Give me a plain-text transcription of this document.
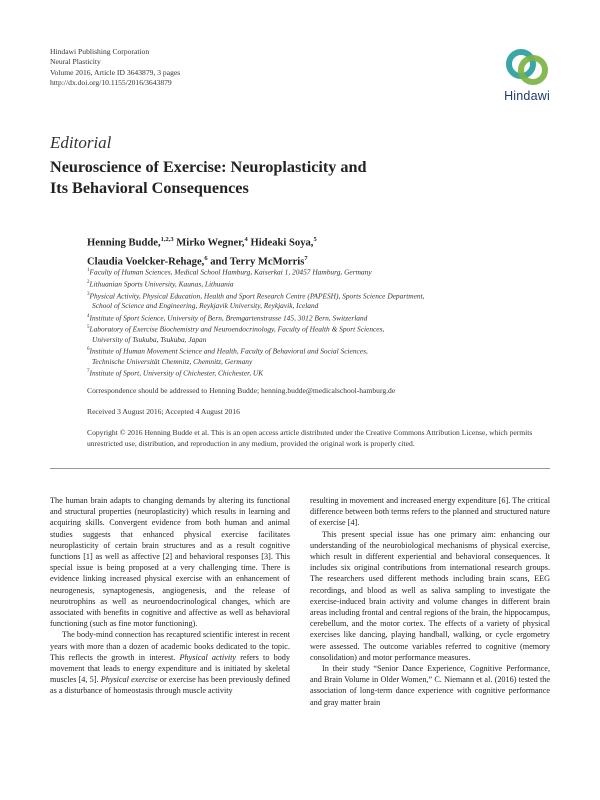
Hindawi Publishing Corporation
Neural Plasticity
Volume 2016, Article ID 3643879, 3 pages
http://dx.doi.org/10.1155/2016/3643879
Hindawi
Editorial
Neuroscience of Exercise: Neuroplasticity and
Its Behavioral Consequences
Henning Budde,$^{1,2,3}$ Mirko Wegner,$^4$ Hideaki Soya,$^5$
Claudia Voelcker-Rehage,$^6$ and Terry McMorris$^7$
$^1$Faculty of Human Sciences, Medical School Hamburg, Kaiserkai 1, 20457 Hamburg, Germany
$^2$Lithuanian Sports University, Kaunas, Lithuania
$^3$Physical Activity, Physical Education, Health and Sport Research Centre (PAPESH), Sports Science Department,
School of Science and Engineering, Reykjavik University, Reykjavik, Iceland
$^4$Institute of Sport Science, University of Bern, Bremgartenstrasse 145, 3012 Bern, Switzerland
$^5$Laboratory of Exercise Biochemistry and Neuroendocrinology, Faculty of Health & Sport Sciences,
University of Tsukuba, Tsukuba, Japan
$^6$Institute of Human Movement Science and Health, Faculty of Behavioral and Social Sciences,
Technische Universität Chemnitz, Chemnitz, Germany
$^7$Institute of Sport, University of Chichester, Chichester, UK
Correspondence should be addressed to Henning Budde; henning.budde@medicalschool-hamburg.de
Received 3 August 2016; Accepted 4 August 2016
Copyright © 2016 Henning Budde et al. This is an open access article distributed under the Creative Commons Attribution License, which permits unrestricted use, distribution, and reproduction in any medium, provided the original work is properly cited.

The human brain adapts to changing demands by altering its functional and structural properties (neuroplasticity) which results in learning and acquiring skills. Convergent evidence from both human and animal studies suggests that enhanced physical exercise facilitates neuroplasticity of certain brain structures and as a result cognitive functions [1] as well as affective [2] and behavioral responses [3]. This special issue is being proposed at a very challenging time. There is evidence linking increased physical exercise with an enhancement of neurogenesis, synaptogenesis, angiogenesis, and the release of neurotrophins as well as neuroendocrinological changes, which are associated with benefits in cognitive and affective as well as behavioral functioning (such as fine motor functioning).

The body-mind connection has recaptured scientific interest in recent years with more than a dozen of academic books dedicated to the topic. This reflects the growth in interest. Physical activity refers to body movement that leads to energy expenditure and is initiated by skeletal muscles [4, 5]. Physical exercise or exercise has been previously defined as a disturbance of homeostasis through muscle activity

resulting in movement and increased energy expenditure [6]. The critical difference between both terms refers to the planned and structured nature of exercise [4].

This present special issue has one primary aim: enhancing our understanding of the neurobiological mechanisms of physical exercise, which result in different experiential and behavioral consequences. It includes six original contributions from international research groups. The researchers used different methods including brain scans, EEG recordings, and blood as well as saliva sampling to investigate the exercise-induced brain activity and volume changes in different brain areas including frontal and central regions of the brain, the hippocampus, cerebellum, and the motor cortex. The effects of a variety of physical exercises like dancing, playing handball, walking, or cycle ergometry were assessed. The outcome variables referred to cognitive (memory consolidation) and motor performance measures.

In their study “Senior Dance Experience, Cognitive Performance, and Brain Volume in Older Women,” C. Niemann et al. (2016) tested the association of long-term dance experience with cognitive performance and gray matter brain
